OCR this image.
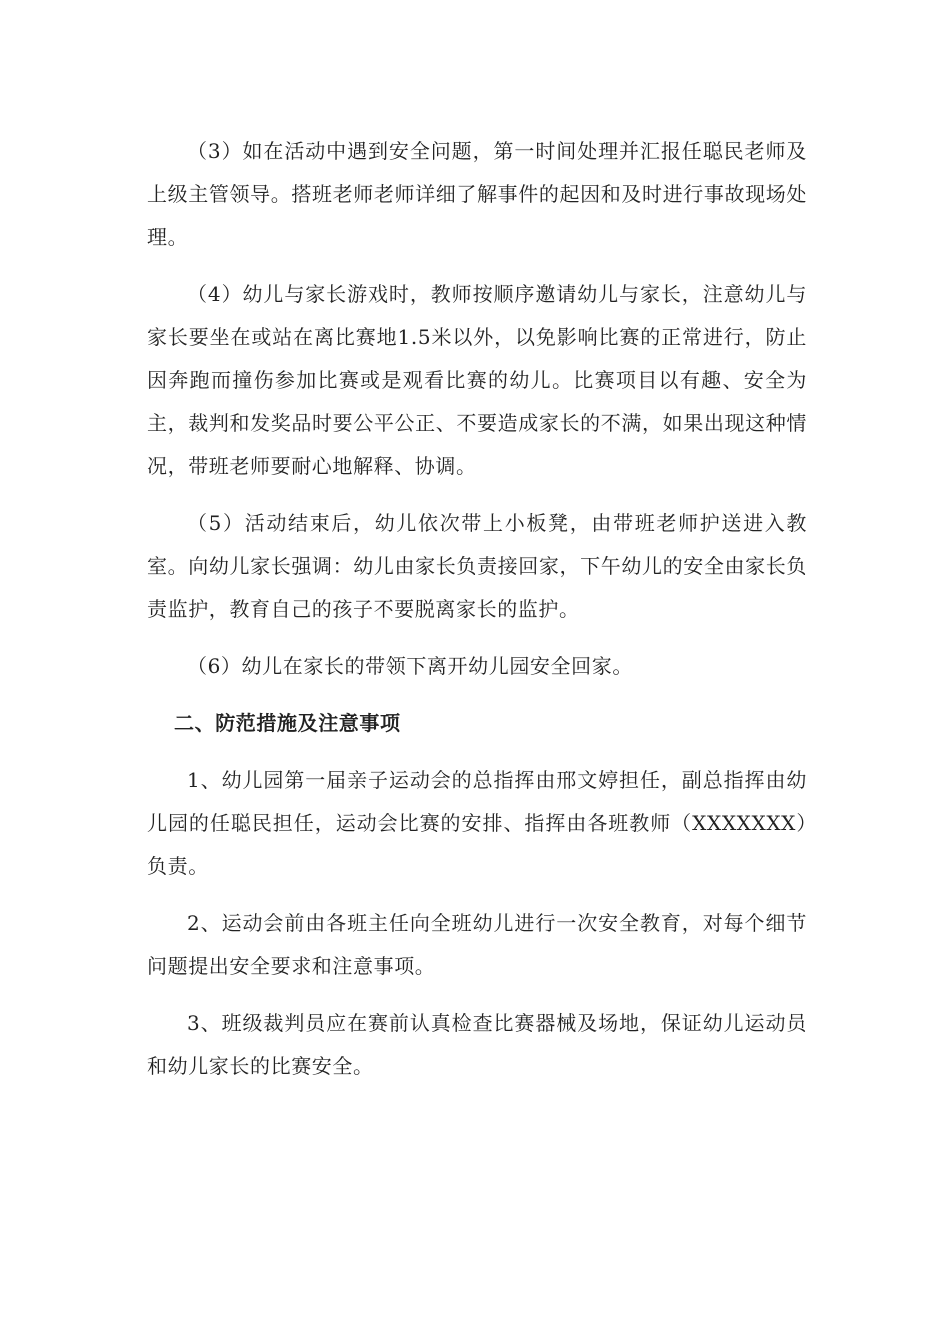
（3）如在活动中遇到安全问题，第一时间处理并汇报任聪民老师及上级主管领导。搭班老师老师详细了解事件的起因和及时进行事故现场处理。

（4）幼儿与家长游戏时，教师按顺序邀请幼儿与家长，注意幼儿与家长要坐在或站在离比赛地1.5米以外，以免影响比赛的正常进行，防止因奔跑而撞伤参加比赛或是观看比赛的幼儿。比赛项目以有趣、安全为主，裁判和发奖品时要公平公正、不要造成家长的不满，如果出现这种情况，带班老师要耐心地解释、协调。

（5）活动结束后，幼儿依次带上小板凳，由带班老师护送进入教室。向幼儿家长强调：幼儿由家长负责接回家，下午幼儿的安全由家长负责监护，教育自己的孩子不要脱离家长的监护。

（6）幼儿在家长的带领下离开幼儿园安全回家。

二、防范措施及注意事项

1、幼儿园第一届亲子运动会的总指挥由邢文婷担任，副总指挥由幼儿园的任聪民担任，运动会比赛的安排、指挥由各班教师（XXXXXXX）负责。

2、运动会前由各班主任向全班幼儿进行一次安全教育，对每个细节问题提出安全要求和注意事项。

3、班级裁判员应在赛前认真检查比赛器械及场地，保证幼儿运动员和幼儿家长的比赛安全。
